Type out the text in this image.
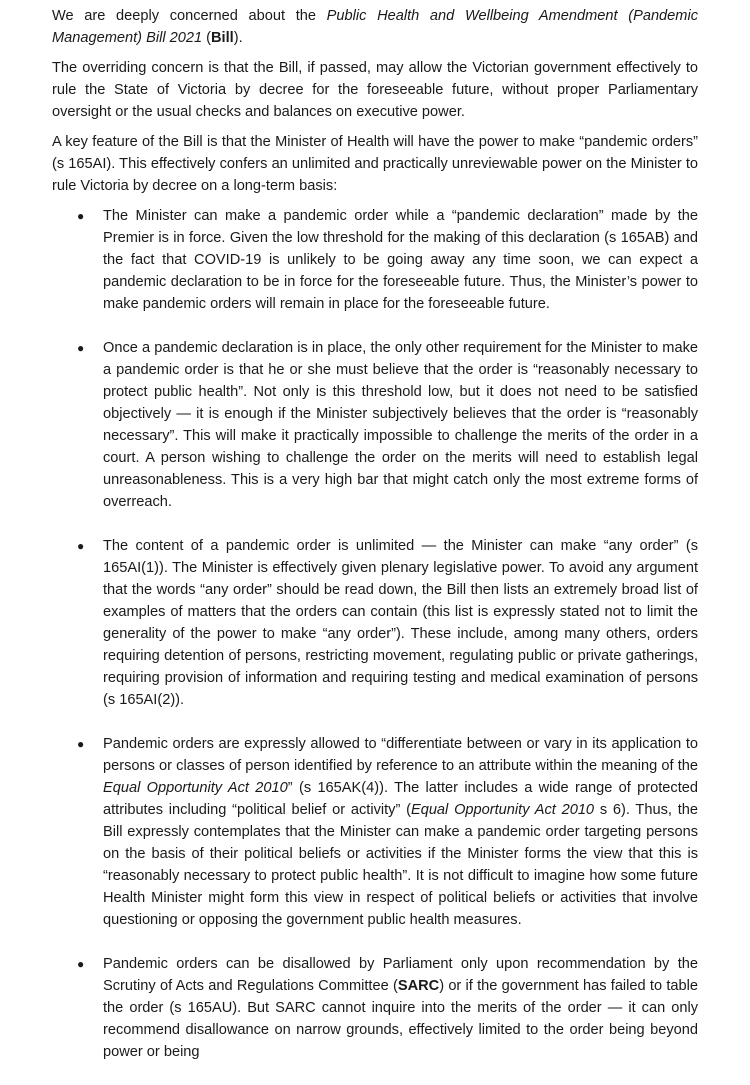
We are deeply concerned about the Public Health and Wellbeing Amendment (Pandemic Management) Bill 2021 (Bill).

The overriding concern is that the Bill, if passed, may allow the Victorian government effectively to rule the State of Victoria by decree for the foreseeable future, without proper Parliamentary oversight or the usual checks and balances on executive power.

A key feature of the Bill is that the Minister of Health will have the power to make “pandemic orders” (s 165AI). This effectively confers an unlimited and practically unreviewable power on the Minister to rule Victoria by decree on a long-term basis:

● The Minister can make a pandemic order while a “pandemic declaration” made by the Premier is in force. Given the low threshold for the making of this declaration (s 165AB) and the fact that COVID-19 is unlikely to be going away any time soon, we can expect a pandemic declaration to be in force for the foreseeable future. Thus, the Minister’s power to make pandemic orders will remain in place for the foreseeable future.
● Once a pandemic declaration is in place, the only other requirement for the Minister to make a pandemic order is that he or she must believe that the order is “reasonably necessary to protect public health”. Not only is this threshold low, but it does not need to be satisfied objectively — it is enough if the Minister subjectively believes that the order is “reasonably necessary”. This will make it practically impossible to challenge the merits of the order in a court. A person wishing to challenge the order on the merits will need to establish legal unreasonableness. This is a very high bar that might catch only the most extreme forms of overreach.
● The content of a pandemic order is unlimited — the Minister can make “any order” (s 165AI(1)). The Minister is effectively given plenary legislative power. To avoid any argument that the words “any order” should be read down, the Bill then lists an extremely broad list of examples of matters that the orders can contain (this list is expressly stated not to limit the generality of the power to make “any order”). These include, among many others, orders requiring detention of persons, restricting movement, regulating public or private gatherings, requiring provision of information and requiring testing and medical examination of persons (s 165AI(2)).
● Pandemic orders are expressly allowed to “differentiate between or vary in its application to persons or classes of person identified by reference to an attribute within the meaning of the Equal Opportunity Act 2010” (s 165AK(4)). The latter includes a wide range of protected attributes including “political belief or activity” (Equal Opportunity Act 2010 s 6). Thus, the Bill expressly contemplates that the Minister can make a pandemic order targeting persons on the basis of their political beliefs or activities if the Minister forms the view that this is “reasonably necessary to protect public health”. It is not difficult to imagine how some future Health Minister might form this view in respect of political beliefs or activities that involve questioning or opposing the government public health measures.
● Pandemic orders can be disallowed by Parliament only upon recommendation by the Scrutiny of Acts and Regulations Committee (SARC) or if the government has failed to table the order (s 165AU). But SARC cannot inquire into the merits of the order — it can only recommend disallowance on narrow grounds, effectively limited to the order being beyond power or being
